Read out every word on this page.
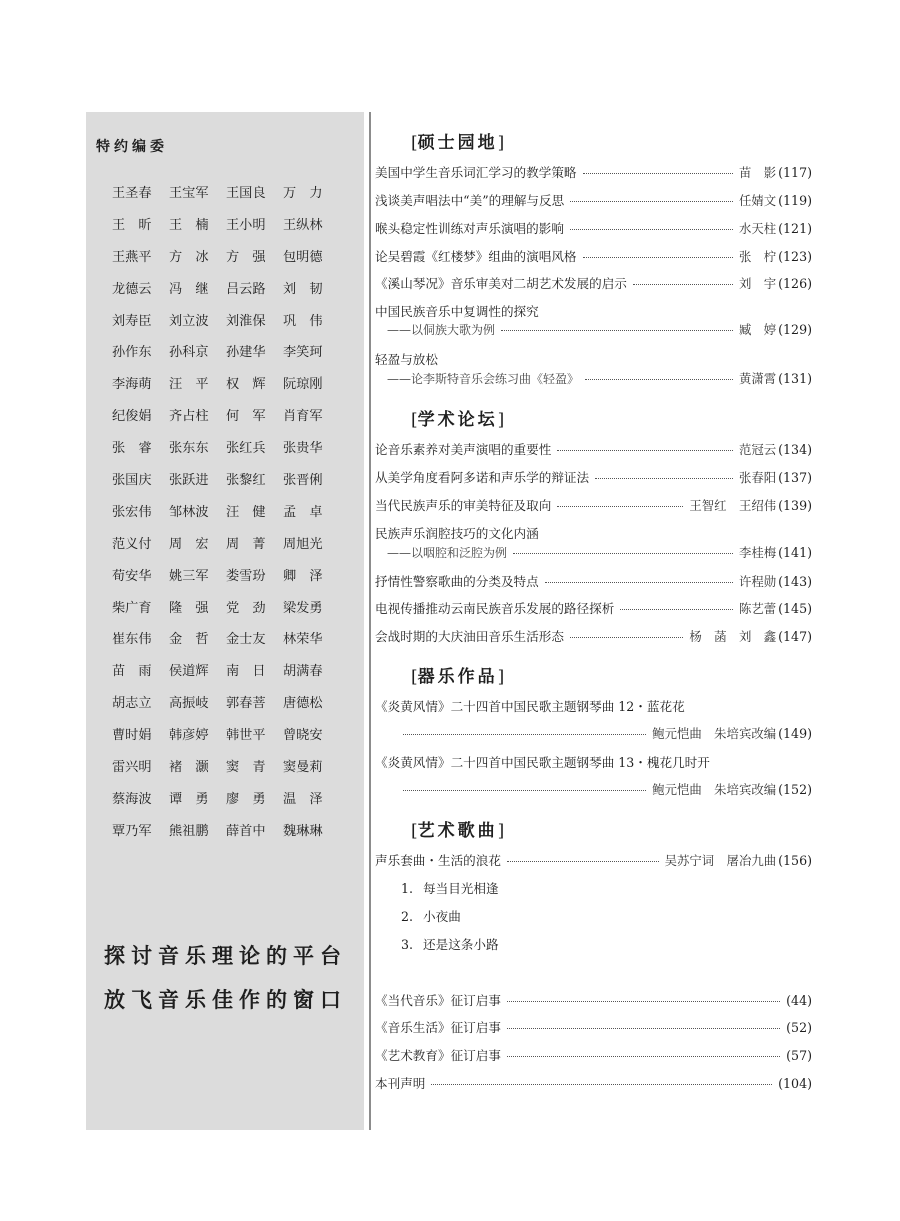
特约编委
王圣春	王宝军	王国良	万　力
王　昕	王　楠	王小明	王纵林
王燕平	方　冰	方　强	包明德
龙德云	冯　继	吕云路	刘　韧
刘寿臣	刘立波	刘淮保	巩　伟
孙作东	孙科京	孙建华	李笑珂
李海萌	汪　平	权　辉	阮琼刚
纪俊娟	齐占柱	何　军	肖育军
张　睿	张东东	张红兵	张贵华
张国庆	张跃进	张黎红	张晋俐
张宏伟	邹林波	汪　健	孟　卓
范义付	周　宏	周　菁	周旭光
荀安华	姚三军	娄雪玢	卿　泽
柴广育	隆　强	党　劲	梁发勇
崔东伟	金　哲	金士友	林荣华
苗　雨	侯道辉	南　日	胡满春
胡志立	高振岐	郭春菩	唐德松
曹时娟	韩彦婷	韩世平	曾晓安
雷兴明	褚　灏	窦　青	窦曼莉
蔡海波	谭　勇	廖　勇	温　泽
覃乃军	熊祖鹏	薛首中	魏琳琳
探讨音乐理论的平台
放飞音乐佳作的窗口
[硕士园地]
美国中学生音乐词汇学习的教学策略	苗　影 (117)
浅谈美声唱法中“美”的理解与反思	任婧文 (119)
喉头稳定性训练对声乐演唱的影响	水天柱 (121)
论吴碧霞《红楼梦》组曲的演唱风格	张　柠 (123)
《溪山琴况》音乐审美对二胡艺术发展的启示	刘　宇 (126)
中国民族音乐中复调性的探究
——以侗族大歌为例	臧　婷 (129)
轻盈与放松
——论李斯特音乐会练习曲《轻盈》	黄潇霄 (131)
[学术论坛]
论音乐素养对美声演唱的重要性	范冠云 (134)
从美学角度看阿多诺和声乐学的辩证法	张春阳 (137)
当代民族声乐的审美特征及取向	王智红　王绍伟 (139)
民族声乐润腔技巧的文化内涵
——以咽腔和泛腔为例	李桂梅 (141)
抒情性警察歌曲的分类及特点	许程勋 (143)
电视传播推动云南民族音乐发展的路径探析	陈艺蕾 (145)
会战时期的大庆油田音乐生活形态	杨　菡　刘　鑫 (147)
[器乐作品]
《炎黄风情》二十四首中国民歌主题钢琴曲 12・蓝花花
鲍元恺曲　朱培宾改编 (149)
《炎黄风情》二十四首中国民歌主题钢琴曲 13・槐花几时开
鲍元恺曲　朱培宾改编 (152)
[艺术歌曲]
声乐套曲・生活的浪花	吴苏宁词　屠冶九曲 (156)
1. 每当目光相逢
2. 小夜曲
3. 还是这条小路
《当代音乐》征订启事	(44)
《音乐生活》征订启事	(52)
《艺术教育》征订启事	(57)
本刊声明	(104)
